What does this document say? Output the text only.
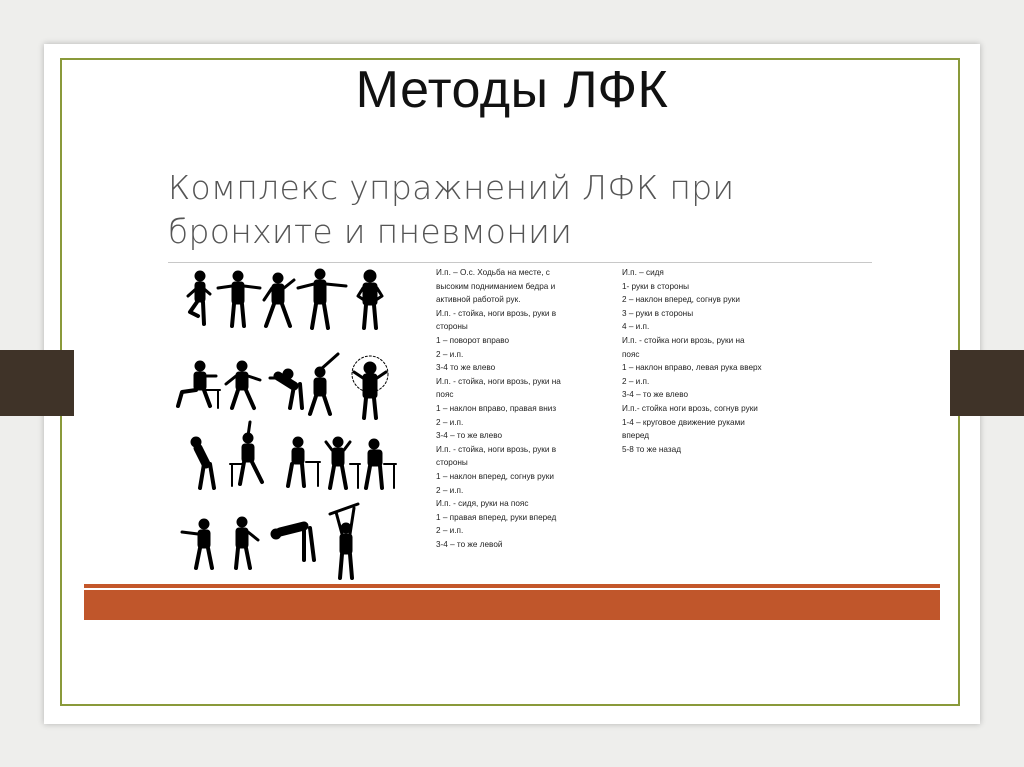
Методы ЛФК
Комплекс упражнений ЛФК при
бронхите и пневмонии
И.п. – О.с. Ходьба на месте, с
высоким подниманием бедра и
активной работой рук.
И.п. - стойка, ноги врозь, руки в
стороны
1 – поворот вправо
2 – и.п.
3-4 то же влево
И.п. - стойка, ноги врозь, руки на
пояс
1 – наклон вправо, правая вниз
2 – и.п.
3-4 – то же влево
И.п. - стойка, ноги врозь, руки в
стороны
1 – наклон вперед, согнув руки
2 – и.п.
И.п. - сидя, руки на пояс
1 – правая вперед, руки вперед
2 – и.п.
3-4 – то же левой
И.п. – сидя
1- руки в стороны
2 – наклон вперед, согнув руки
3 – руки в стороны
4 – и.п.
И.п. - стойка ноги врозь, руки на
пояс
1 – наклон вправо, левая рука вверх
2 – и.п.
3-4 – то же влево
И.п.- стойка ноги врозь, согнув руки
1-4 – круговое движение руками
вперед
5-8 то же назад
